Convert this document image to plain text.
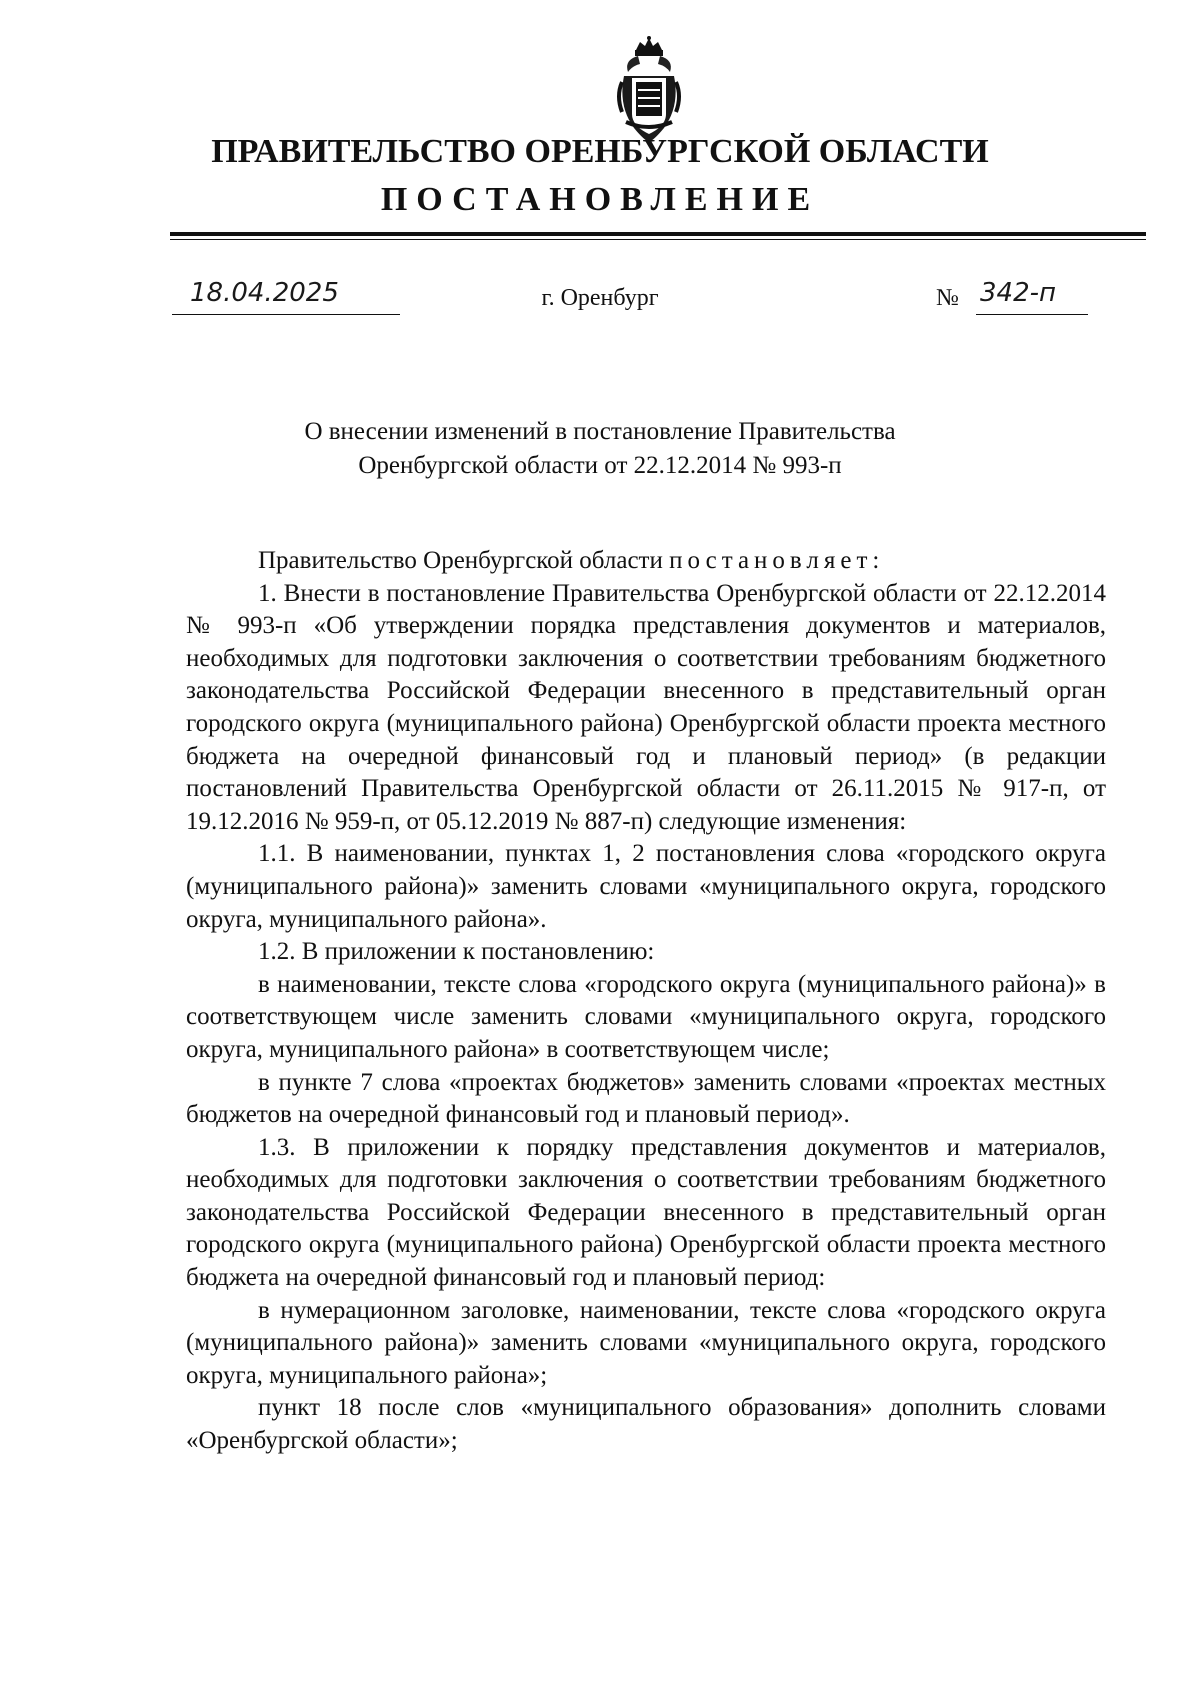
ПРАВИТЕЛЬСТВО ОРЕНБУРГСКОЙ ОБЛАСТИ
ПОСТАНОВЛЕНИЕ
18.04.2025	г. Оренбург	№ 342-п
О внесении изменений в постановление Правительства
Оренбургской области от 22.12.2014 № 993-п

Правительство Оренбургской области постановляет:

1. Внести в постановление Правительства Оренбургской области от 22.12.2014 № 993-п «Об утверждении порядка представления документов и материалов, необходимых для подготовки заключения о соответствии требованиям бюджетного законодательства Российской Федерации внесенного в представительный орган городского округа (муниципального района) Оренбургской области проекта местного бюджета на очередной финансовый год и плановый период» (в редакции постановлений Правительства Оренбургской области от 26.11.2015 № 917-п, от 19.12.2016 № 959-п, от 05.12.2019 № 887-п) следующие изменения:

1.1. В наименовании, пунктах 1, 2 постановления слова «городского округа (муниципального района)» заменить словами «муниципального округа, городского округа, муниципального района».

1.2. В приложении к постановлению:

в наименовании, тексте слова «городского округа (муниципального района)» в соответствующем числе заменить словами «муниципального округа, городского округа, муниципального района» в соответствующем числе;

в пункте 7 слова «проектах бюджетов» заменить словами «проектах местных бюджетов на очередной финансовый год и плановый период».

1.3. В приложении к порядку представления документов и материалов, необходимых для подготовки заключения о соответствии требованиям бюджетного законодательства Российской Федерации внесенного в представительный орган городского округа (муниципального района) Оренбургской области проекта местного бюджета на очередной финансовый год и плановый период:

в нумерационном заголовке, наименовании, тексте слова «городского округа (муниципального района)» заменить словами «муниципального округа, городского округа, муниципального района»;

пункт 18 после слов «муниципального образования» дополнить словами «Оренбургской области»;
